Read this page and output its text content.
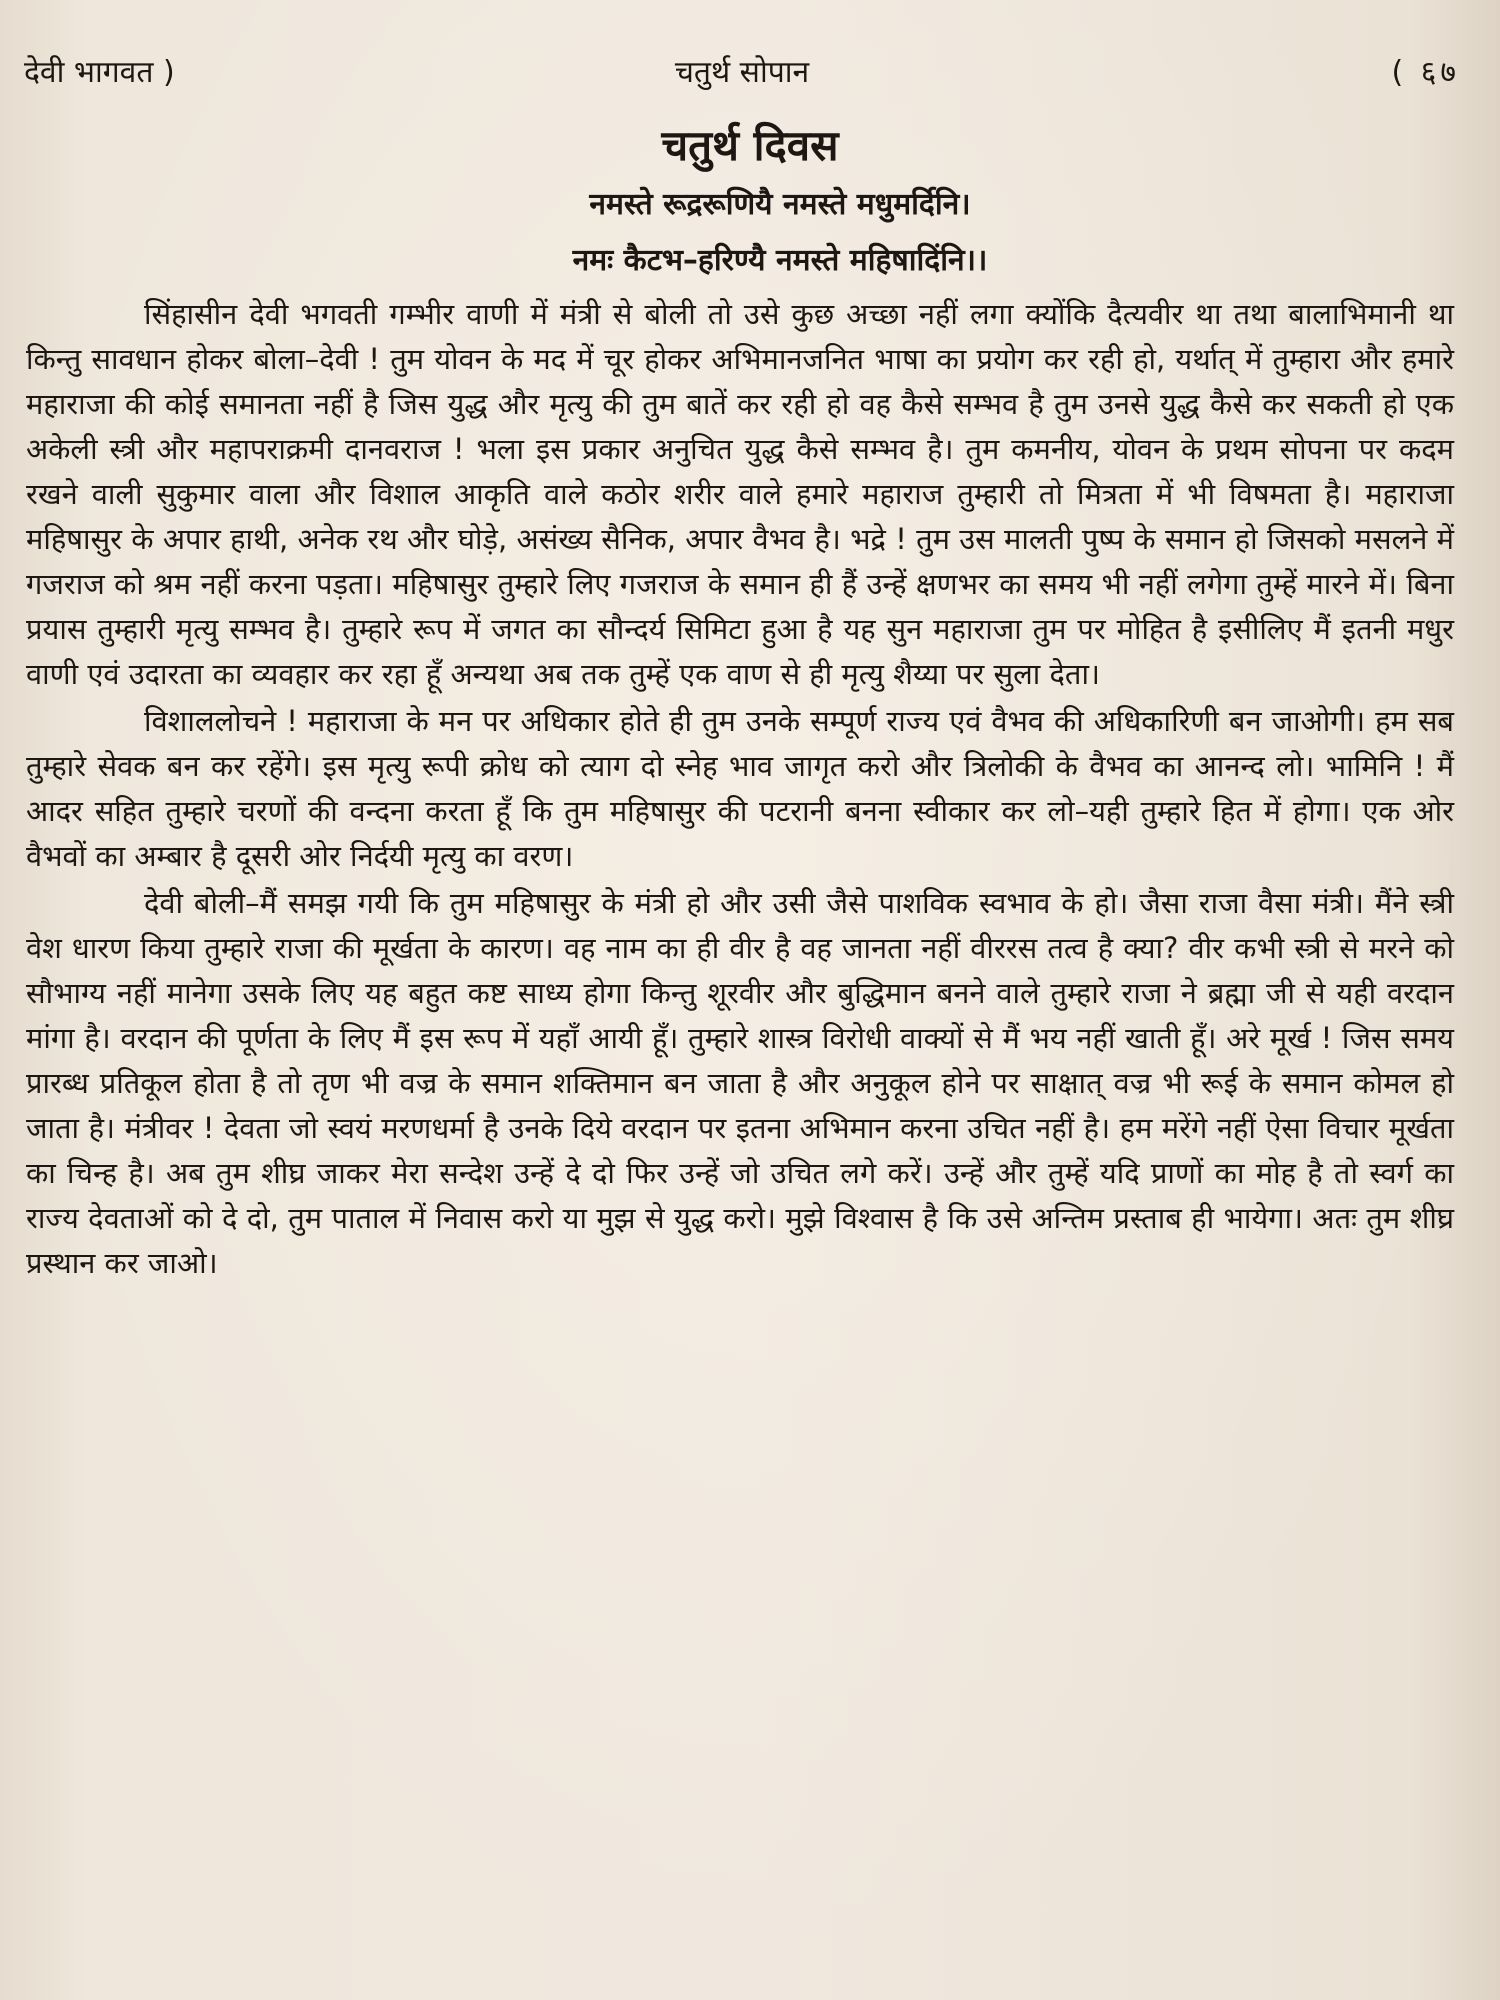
देवी भागवत )	चतुर्थ सोपान	( ६७
चतुर्थ दिवस
नमस्ते रूद्ररूणियै नमस्ते मधुमर्दिनि।
नमः कैटभ–हरिण्यै नमस्ते महिषादिंनि।।

सिंहासीन देवी भगवती गम्भीर वाणी में मंत्री से बोली तो उसे कुछ अच्छा नहीं लगा क्योंकि दैत्यवीर था तथा बालाभिमानी था किन्तु सावधान होकर बोला–देवी ! तुम योवन के मद में चूर होकर अभिमानजनित भाषा का प्रयोग कर रही हो, यर्थात् में तुम्हारा और हमारे महाराजा की कोई समानता नहीं है जिस युद्ध और मृत्यु की तुम बातें कर रही हो वह कैसे सम्भव है तुम उनसे युद्ध कैसे कर सकती हो एक अकेली स्त्री और महापराक्रमी दानवराज ! भला इस प्रकार अनुचित युद्ध कैसे सम्भव है। तुम कमनीय, योवन के प्रथम सोपना पर कदम रखने वाली सुकुमार वाला और विशाल आकृति वाले कठोर शरीर वाले हमारे महाराज तुम्हारी तो मित्रता में भी विषमता है। महाराजा महिषासुर के अपार हाथी, अनेक रथ और घोड़े, असंख्य सैनिक, अपार वैभव है। भद्रे ! तुम उस मालती पुष्प के समान हो जिसको मसलने में गजराज को श्रम नहीं करना पड़ता। महिषासुर तुम्हारे लिए गजराज के समान ही हैं उन्हें क्षणभर का समय भी नहीं लगेगा तुम्हें मारने में। बिना प्रयास तुम्हारी मृत्यु सम्भव है। तुम्हारे रूप में जगत का सौन्दर्य सिमिटा हुआ है यह सुन महाराजा तुम पर मोहित है इसीलिए मैं इतनी मधुर वाणी एवं उदारता का व्यवहार कर रहा हूँ अन्यथा अब तक तुम्हें एक वाण से ही मृत्यु शैय्या पर सुला देता।

विशाललोचने ! महाराजा के मन पर अधिकार होते ही तुम उनके सम्पूर्ण राज्य एवं वैभव की अधिकारिणी बन जाओगी। हम सब तुम्हारे सेवक बन कर रहेंगे। इस मृत्यु रूपी क्रोध को त्याग दो स्नेह भाव जागृत करो और त्रिलोकी के वैभव का आनन्द लो। भामिनि ! मैं आदर सहित तुम्हारे चरणों की वन्दना करता हूँ कि तुम महिषासुर की पटरानी बनना स्वीकार कर लो–यही तुम्हारे हित में होगा। एक ओर वैभवों का अम्बार है दूसरी ओर निर्दयी मृत्यु का वरण।

देवी बोली–मैं समझ गयी कि तुम महिषासुर के मंत्री हो और उसी जैसे पाशविक स्वभाव के हो। जैसा राजा वैसा मंत्री। मैंने स्त्री वेश धारण किया तुम्हारे राजा की मूर्खता के कारण। वह नाम का ही वीर है वह जानता नहीं वीररस तत्व है क्या? वीर कभी स्त्री से मरने को सौभाग्य नहीं मानेगा उसके लिए यह बहुत कष्ट साध्य होगा किन्तु शूरवीर और बुद्धिमान बनने वाले तुम्हारे राजा ने ब्रह्मा जी से यही वरदान मांगा है। वरदान की पूर्णता के लिए मैं इस रूप में यहाँ आयी हूँ। तुम्हारे शास्त्र विरोधी वाक्यों से मैं भय नहीं खाती हूँ। अरे मूर्ख ! जिस समय प्रारब्ध प्रतिकूल होता है तो तृण भी वज्र के समान शक्तिमान बन जाता है और अनुकूल होने पर साक्षात् वज्र भी रूई के समान कोमल हो जाता है। मंत्रीवर ! देवता जो स्वयं मरणधर्मा है उनके दिये वरदान पर इतना अभिमान करना उचित नहीं है। हम मरेंगे नहीं ऐसा विचार मूर्खता का चिन्ह है। अब तुम शीघ्र जाकर मेरा सन्देश उन्हें दे दो फिर उन्हें जो उचित लगे करें। उन्हें और तुम्हें यदि प्राणों का मोह है तो स्वर्ग का राज्य देवताओं को दे दो, तुम पाताल में निवास करो या मुझ से युद्ध करो। मुझे विश्वास है कि उसे अन्तिम प्रस्ताब ही भायेगा। अतः तुम शीघ्र प्रस्थान कर जाओ।
